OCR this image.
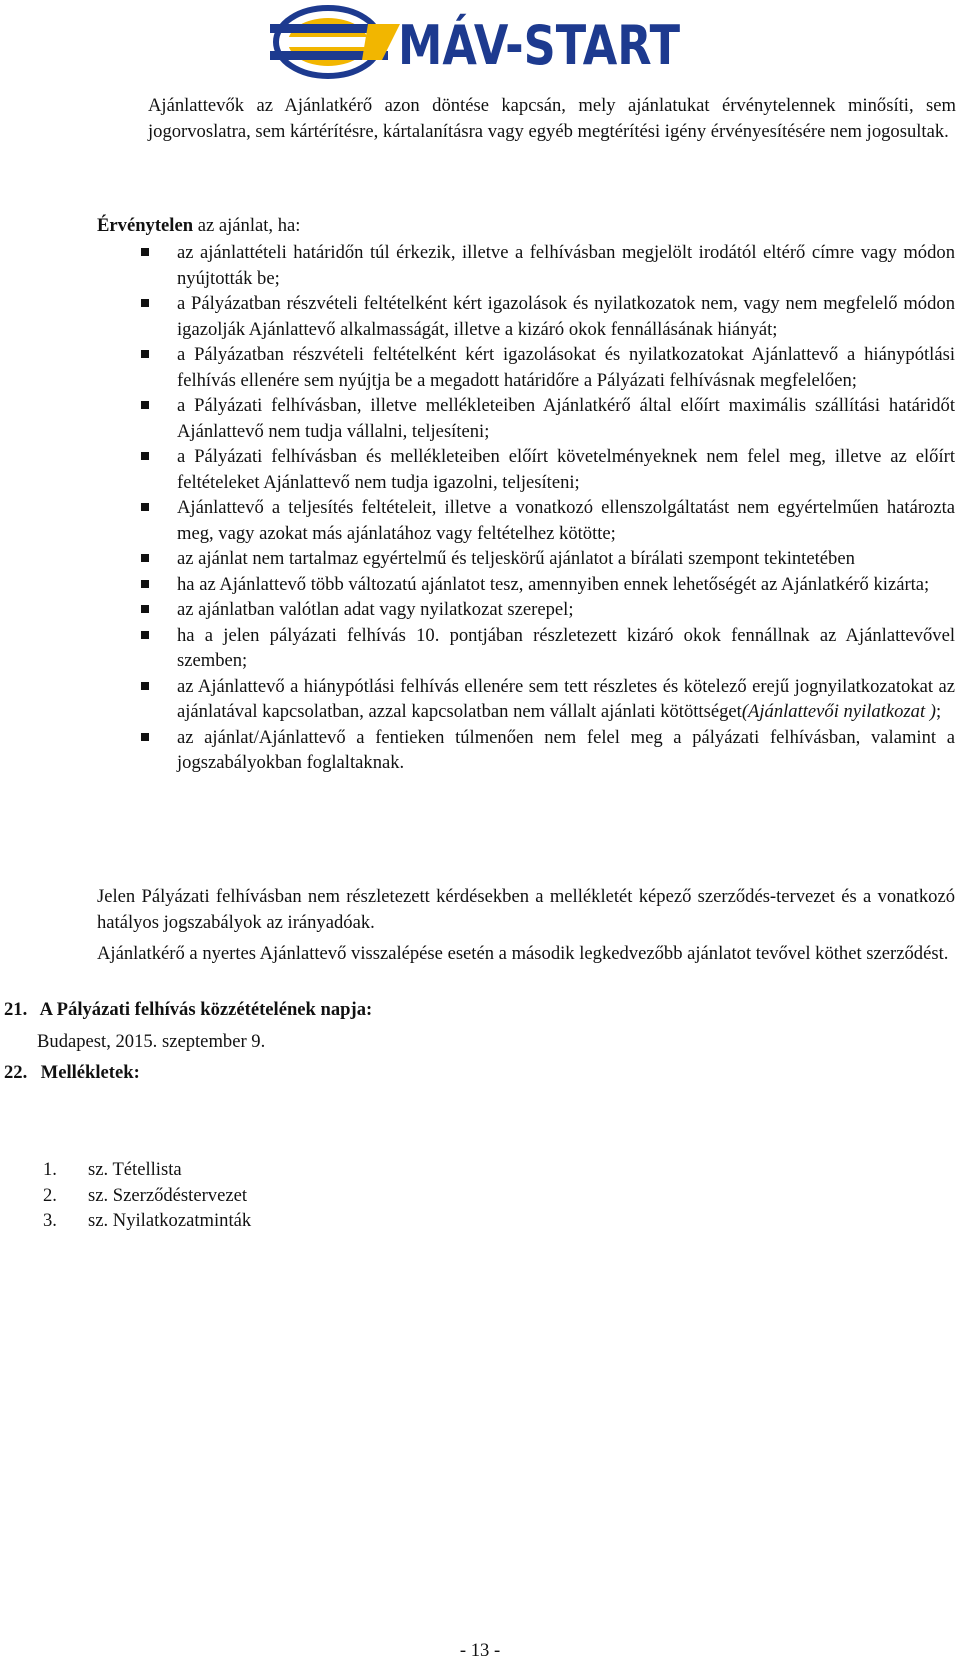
MÁV-START

Ajánlattevők az Ajánlatkérő azon döntése kapcsán, mely ajánlatukat érvénytelennek minősíti, sem jogorvoslatra, sem kártérítésre, kártalanításra vagy egyéb megtérítési igény érvényesítésére nem jogosultak.

Érvénytelen az ajánlat, ha:

az ajánlattételi határidőn túl érkezik, illetve a felhívásban megjelölt irodától eltérő címre vagy módon nyújtották be;
a Pályázatban részvételi feltételként kért igazolások és nyilatkozatok nem, vagy nem megfelelő módon igazolják Ajánlattevő alkalmasságát, illetve a kizáró okok fennállásának hiányát;
a Pályázatban részvételi feltételként kért igazolásokat és nyilatkozatokat Ajánlattevő a hiánypótlási felhívás ellenére sem nyújtja be a megadott határidőre a Pályázati felhívásnak megfelelően;
a Pályázati felhívásban, illetve mellékleteiben Ajánlatkérő által előírt maximális szállítási határidőt Ajánlattevő nem tudja vállalni, teljesíteni;
a Pályázati felhívásban és mellékleteiben előírt követelményeknek nem felel meg, illetve az előírt feltételeket Ajánlattevő nem tudja igazolni, teljesíteni;
Ajánlattevő a teljesítés feltételeit, illetve a vonatkozó ellenszolgáltatást nem egyértelműen határozta meg, vagy azokat más ajánlatához vagy feltételhez kötötte;
az ajánlat nem tartalmaz egyértelmű és teljeskörű ajánlatot a bírálati szempont tekintetében
ha az Ajánlattevő több változatú ajánlatot tesz, amennyiben ennek lehetőségét az Ajánlatkérő kizárta;
az ajánlatban valótlan adat vagy nyilatkozat szerepel;
ha a jelen pályázati felhívás 10. pontjában részletezett kizáró okok fennállnak az Ajánlattevővel szemben;
az Ajánlattevő a hiánypótlási felhívás ellenére sem tett részletes és kötelező erejű jognyilatkozatokat az ajánlatával kapcsolatban, azzal kapcsolatban nem vállalt ajánlati kötöttséget(Ajánlattevői nyilatkozat );
az ajánlat/Ajánlattevő a fentieken túlmenően nem felel meg a pályázati felhívásban, valamint a jogszabályokban foglaltaknak.

Jelen Pályázati felhívásban nem részletezett kérdésekben a mellékletét képező szerződés-tervezet és a vonatkozó hatályos jogszabályok az irányadóak.

Ajánlatkérő a nyertes Ajánlattevő visszalépése esetén a második legkedvezőbb ajánlatot tevővel köthet szerződést.

21. A Pályázati felhívás közzétételének napja:

Budapest, 2015. szeptember 9.

22. Mellékletek:

1. sz. Tétellista
2. sz. Szerződéstervezet
3. sz. Nyilatkozatminták

- 13 -
